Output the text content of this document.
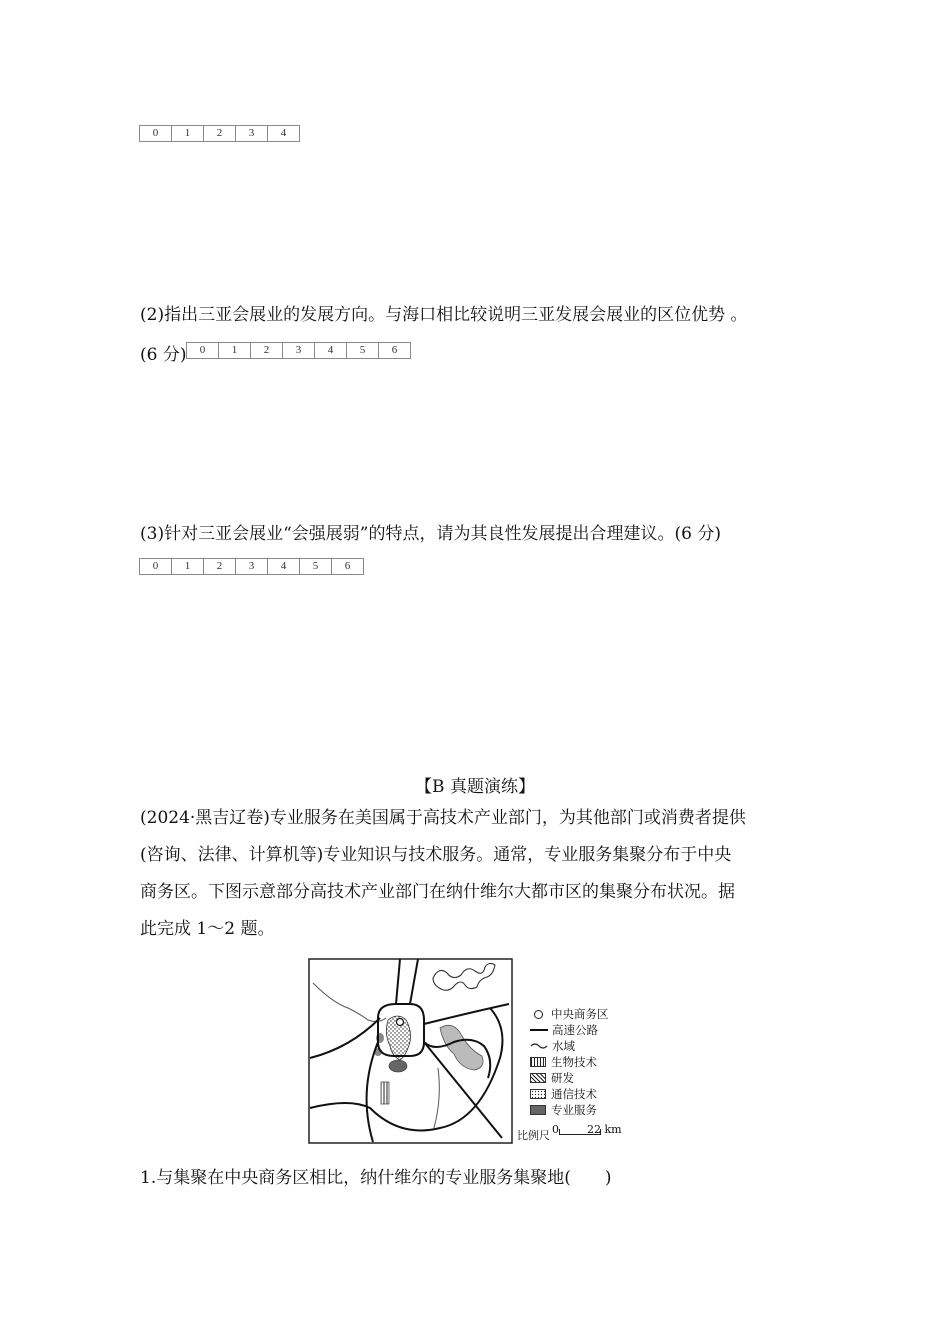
0	1	2	3	4
(2)指出三亚会展业的发展方向。与海口相比较说明三亚发展会展业的区位优势 。
(6 分)	0	1	2	3	4	5	6
(3)针对三亚会展业“会强展弱”的特点，请为其良性发展提出合理建议。(6 分)
0	1	2	3	4	5	6
【B 真题演练】

(2024·黑吉辽卷)专业服务在美国属于高技术产业部门，为其他部门或消费者提供

(咨询、法律、计算机等)专业知识与技术服务。通常，专业服务集聚分布于中央

商务区。下图示意部分高技术产业部门在纳什维尔大都市区的集聚分布状况。据

此完成 1～2 题。

中央商务区
高速公路
水域
生物技术
研发
通信技术
专业服务
比例尺 0	22 km
1.与集聚在中央商务区相比，纳什维尔的专业服务集聚地(　　)
